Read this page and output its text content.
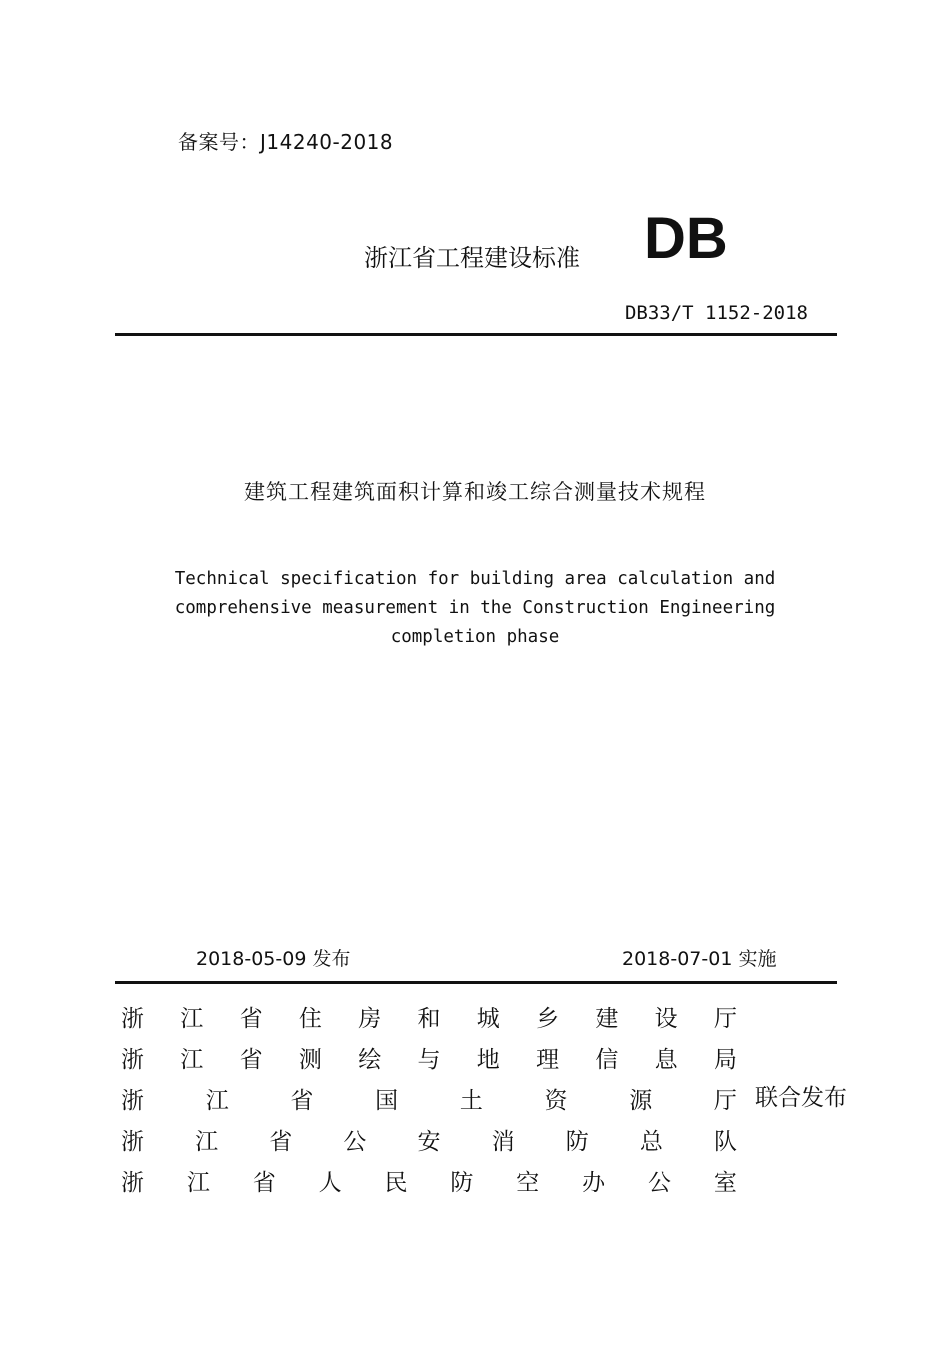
备案号：J14240-2018
浙江省工程建设标准 DB
DB33/T 1152-2018
建筑工程建筑面积计算和竣工综合测量技术规程
Technical specification for building area calculation and
comprehensive measurement in the Construction Engineering
completion phase
2018-05-09 发布	2018-07-01 实施
浙 江 省 住 房 和 城 乡 建 设 厅
浙 江 省 测 绘 与 地 理 信 息 局
浙	江	省	国	土	资	源	厅
浙 江 省 公 安 消 防 总 队
浙 江 省 人 民 防 空 办 公 室
联合发布
